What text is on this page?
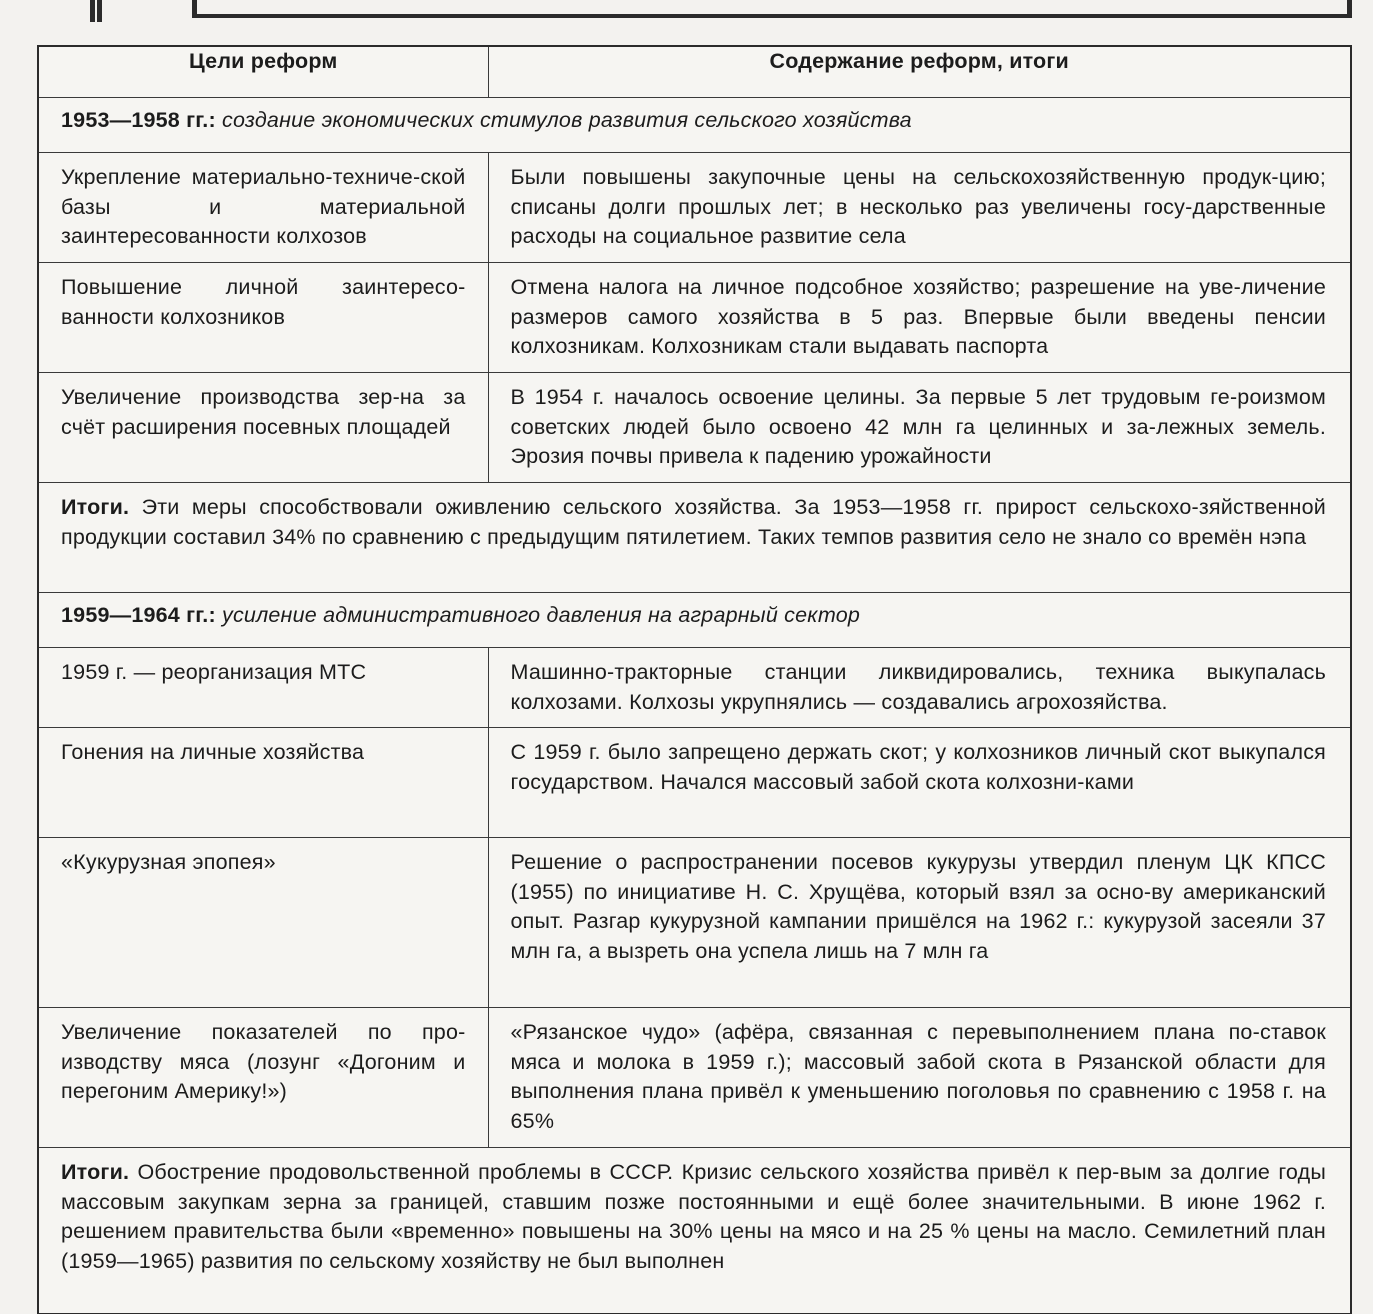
Цели реформ	Содержание реформ, итоги
1953—1958 гг.: создание экономических стимулов развития сельского хозяйства	
Укрепление материально-техниче-ской базы и материальной заинтересованности колхозов	Были повышены закупочные цены на сельскохозяйственную продук-цию; списаны долги прошлых лет; в несколько раз увеличены госу-дарственные расходы на социальное развитие села
Повышение личной заинтересо-ванности колхозников	Отмена налога на личное подсобное хозяйство; разрешение на уве-личение размеров самого хозяйства в 5 раз. Впервые были введены пенсии колхозникам. Колхозникам стали выдавать паспорта
Увеличение производства зер-на за счёт расширения посевных площадей	В 1954 г. началось освоение целины. За первые 5 лет трудовым ге-роизмом советских людей было освоено 42 млн га целинных и за-лежных земель. Эрозия почвы привела к падению урожайности
Итоги. Эти меры способствовали оживлению сельского хозяйства. За 1953—1958 гг. прирост сельскохо-зяйственной продукции составил 34% по сравнению с предыдущим пятилетием. Таких темпов развития село не знало со времён нэпа	
1959—1964 гг.: усиление административного давления на аграрный сектор	
1959 г. — реорганизация МТС	Машинно-тракторные станции ликвидировались, техника выкупалась колхозами. Колхозы укрупнялись — создавались агрохозяйства.
Гонения на личные хозяйства	С 1959 г. было запрещено держать скот; у колхозников личный скот выкупался государством. Начался массовый забой скота колхозни-ками
«Кукурузная эпопея»	Решение о распространении посевов кукурузы утвердил пленум ЦК КПСС (1955) по инициативе Н. С. Хрущёва, который взял за осно-ву американский опыт. Разгар кукурузной кампании пришёлся на 1962 г.: кукурузой засеяли 37 млн га, а вызреть она успела лишь на 7 млн га
Увеличение показателей по про-изводству мяса (лозунг «Догоним и перегоним Америку!»)	«Рязанское чудо» (афёра, связанная с перевыполнением плана по-ставок мяса и молока в 1959 г.); массовый забой скота в Рязанской области для выполнения плана привёл к уменьшению поголовья по сравнению с 1958 г. на 65%
Итоги. Обострение продовольственной проблемы в СССР. Кризис сельского хозяйства привёл к пер-вым за долгие годы массовым закупкам зерна за границей, ставшим позже постоянными и ещё более значительными. В июне 1962 г. решением правительства были «временно» повышены на 30% цены на мясо и на 25 % цены на масло. Семилетний план (1959—1965) развития по сельскому хозяйству не был выполнен	
